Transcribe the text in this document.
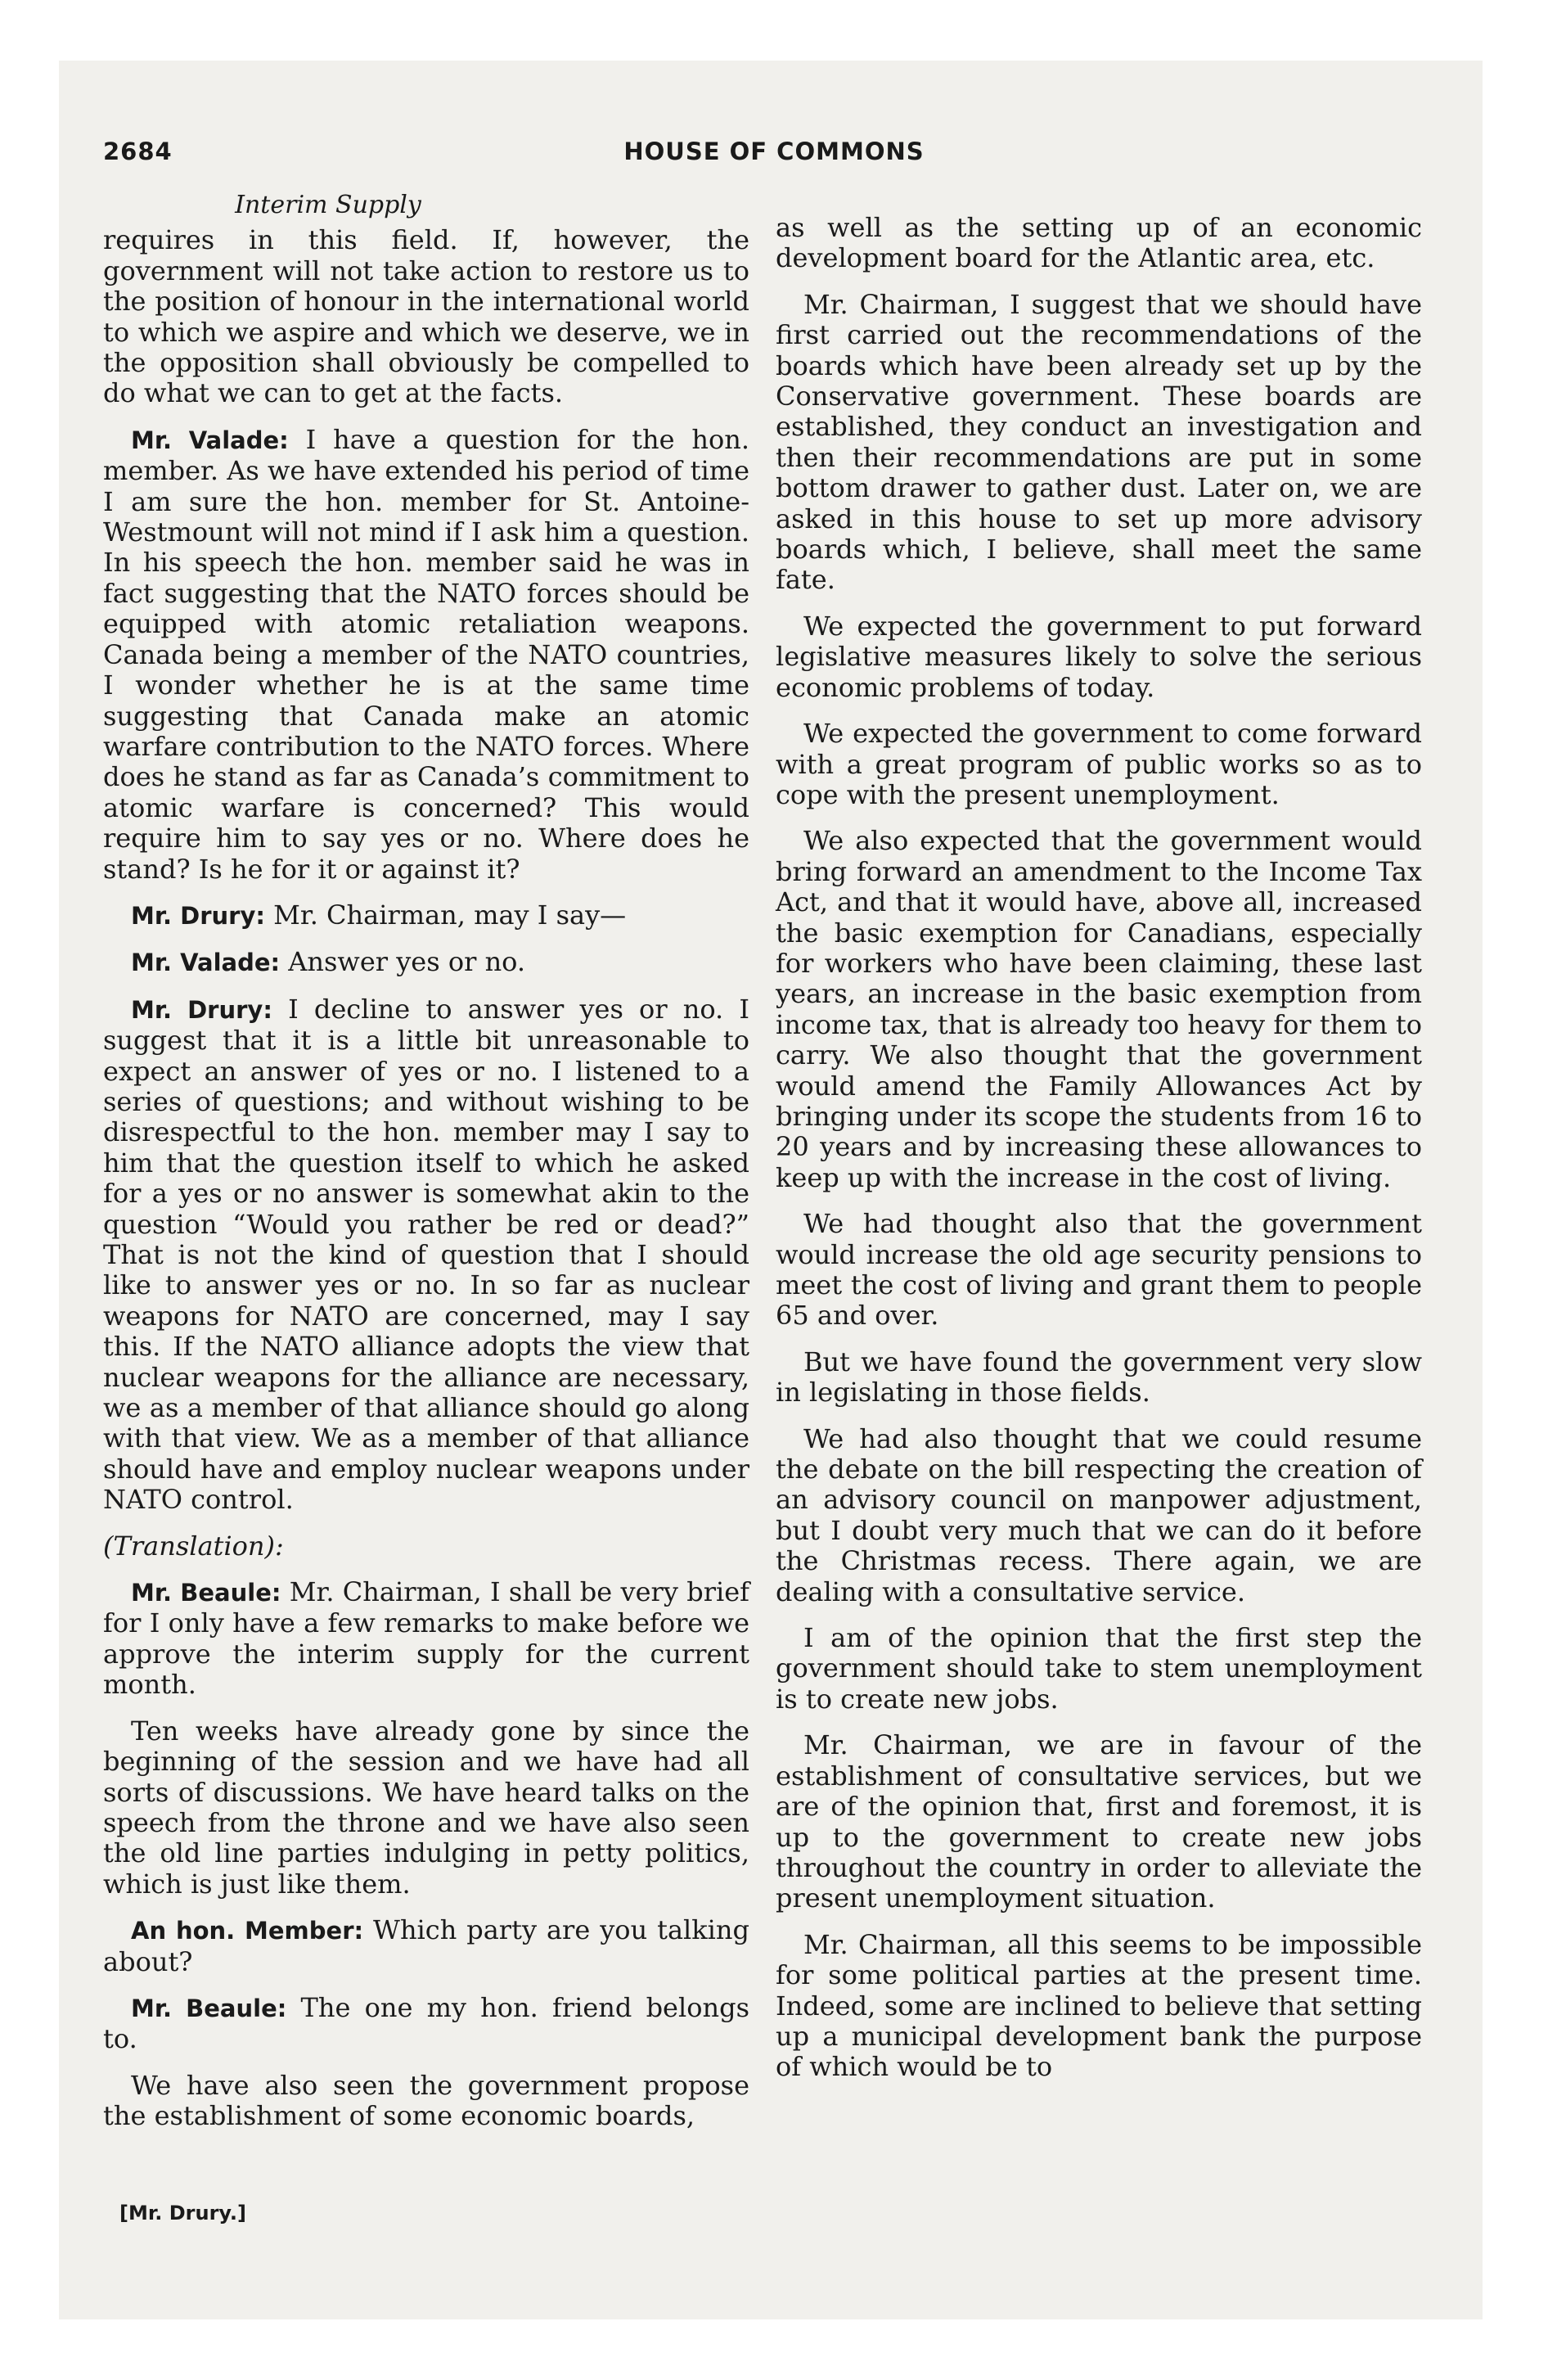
2684	HOUSE OF COMMONS
Interim Supply

requires in this field. If, however, the government will not take action to restore us to the position of honour in the international world to which we aspire and which we deserve, we in the opposition shall obviously be compelled to do what we can to get at the facts.

Mr. Valade: I have a question for the hon. member. As we have extended his period of time I am sure the hon. member for St. Antoine-Westmount will not mind if I ask him a question. In his speech the hon. member said he was in fact suggesting that the NATO forces should be equipped with atomic retaliation weapons. Canada being a member of the NATO countries, I wonder whether he is at the same time suggesting that Canada make an atomic warfare contribution to the NATO forces. Where does he stand as far as Canada’s commitment to atomic warfare is concerned? This would require him to say yes or no. Where does he stand? Is he for it or against it?

Mr. Drury: Mr. Chairman, may I say—

Mr. Valade: Answer yes or no.

Mr. Drury: I decline to answer yes or no. I suggest that it is a little bit unreasonable to expect an answer of yes or no. I listened to a series of questions; and without wishing to be disrespectful to the hon. member may I say to him that the question itself to which he asked for a yes or no answer is somewhat akin to the question “Would you rather be red or dead?” That is not the kind of question that I should like to answer yes or no. In so far as nuclear weapons for NATO are concerned, may I say this. If the NATO alliance adopts the view that nuclear weapons for the alliance are necessary, we as a member of that alliance should go along with that view. We as a member of that alliance should have and employ nuclear weapons under NATO control.

(Translation):

Mr. Beaule: Mr. Chairman, I shall be very brief for I only have a few remarks to make before we approve the interim supply for the current month.

Ten weeks have already gone by since the beginning of the session and we have had all sorts of discussions. We have heard talks on the speech from the throne and we have also seen the old line parties indulging in petty politics, which is just like them.

An hon. Member: Which party are you talking about?

Mr. Beaule: The one my hon. friend belongs to.

We have also seen the government propose the establishment of some economic boards,

as well as the setting up of an economic development board for the Atlantic area, etc.

Mr. Chairman, I suggest that we should have first carried out the recommendations of the boards which have been already set up by the Conservative government. These boards are established, they conduct an investigation and then their recommendations are put in some bottom drawer to gather dust. Later on, we are asked in this house to set up more advisory boards which, I believe, shall meet the same fate.

We expected the government to put forward legislative measures likely to solve the serious economic problems of today.

We expected the government to come forward with a great program of public works so as to cope with the present unemployment.

We also expected that the government would bring forward an amendment to the Income Tax Act, and that it would have, above all, increased the basic exemption for Canadians, especially for workers who have been claiming, these last years, an increase in the basic exemption from income tax, that is already too heavy for them to carry. We also thought that the government would amend the Family Allowances Act by bringing under its scope the students from 16 to 20 years and by increasing these allowances to keep up with the increase in the cost of living.

We had thought also that the government would increase the old age security pensions to meet the cost of living and grant them to people 65 and over.

But we have found the government very slow in legislating in those fields.

We had also thought that we could resume the debate on the bill respecting the creation of an advisory council on manpower adjustment, but I doubt very much that we can do it before the Christmas recess. There again, we are dealing with a consultative service.

I am of the opinion that the first step the government should take to stem unemployment is to create new jobs.

Mr. Chairman, we are in favour of the establishment of consultative services, but we are of the opinion that, first and foremost, it is up to the government to create new jobs throughout the country in order to alleviate the present unemployment situation.

Mr. Chairman, all this seems to be impossible for some political parties at the present time. Indeed, some are inclined to believe that setting up a municipal development bank the purpose of which would be to

[Mr. Drury.]
